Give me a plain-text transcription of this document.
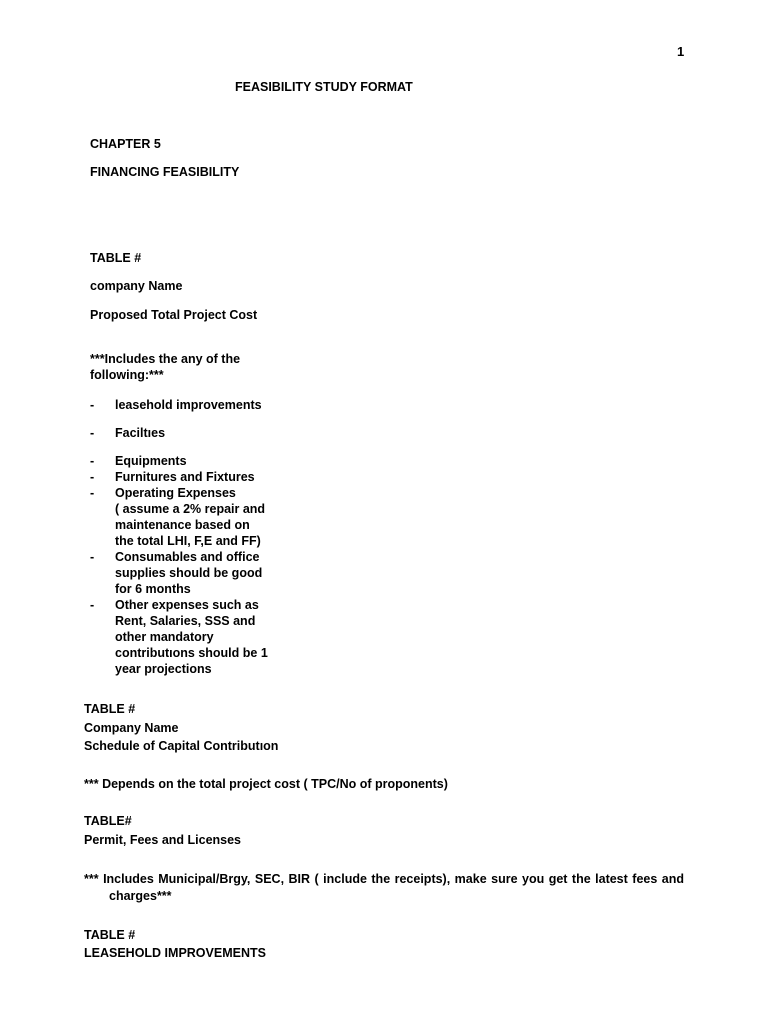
1
FEASIBILITY STUDY FORMAT
CHAPTER 5
FINANCING FEASIBILITY
TABLE #
company Name
Proposed Total Project Cost
***Includes the any of the
following:***
-	leasehold improvements
-	Faciltıes
-	Equipments
-	Furnitures and Fixtures
-	Operating Expenses
( assume a 2% repair and
maintenance based on
the total LHI, F,E and FF)
-	Consumables and office
supplies should be good
for 6 months
-	Other expenses such as
Rent, Salaries, SSS and
other mandatory
contributıons should be 1
year projections
TABLE #
Company Name
Schedule of Capital Contributıon
*** Depends on the total project cost ( TPC/No of proponents)
TABLE#
Permit, Fees and Licenses
*** Includes Municipal/Brgy, SEC, BIR ( include the receipts), make sure you get the latest fees and charges***
TABLE #
LEASEHOLD IMPROVEMENTS
